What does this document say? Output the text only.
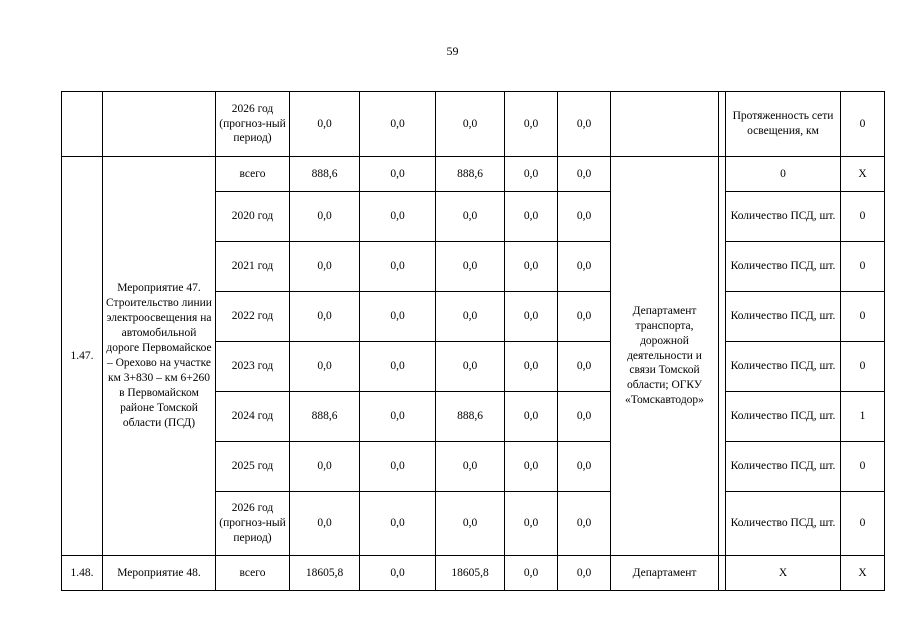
59
		2026 год (прогноз-ный период)	0,0	0,0	0,0	0,0	0,0			Протяженность сети освещения, км	0
1.47.	Мероприятие 47. Строительство линии электроосвещения на автомобильной дороге Первомайское – Орехово на участке км 3+830 – км 6+260 в Первомайском районе Томской области (ПСД)	всего	888,6	0,0	888,6	0,0	0,0	Департамент транспорта, дорожной деятельности и связи Томской области; ОГКУ «Томскавтодор»		0	Х
		2020 год	0,0	0,0	0,0	0,0	0,0			Количество ПСД, шт.	0
		2021 год	0,0	0,0	0,0	0,0	0,0			Количество ПСД, шт.	0
		2022 год	0,0	0,0	0,0	0,0	0,0			Количество ПСД, шт.	0
		2023 год	0,0	0,0	0,0	0,0	0,0			Количество ПСД, шт.	0
		2024 год	888,6	0,0	888,6	0,0	0,0			Количество ПСД, шт.	1
		2025 год	0,0	0,0	0,0	0,0	0,0			Количество ПСД, шт.	0
		2026 год (прогноз-ный период)	0,0	0,0	0,0	0,0	0,0			Количество ПСД, шт.	0
1.48.	Мероприятие 48.	всего	18605,8	0,0	18605,8	0,0	0,0	Департамент		Х	Х
